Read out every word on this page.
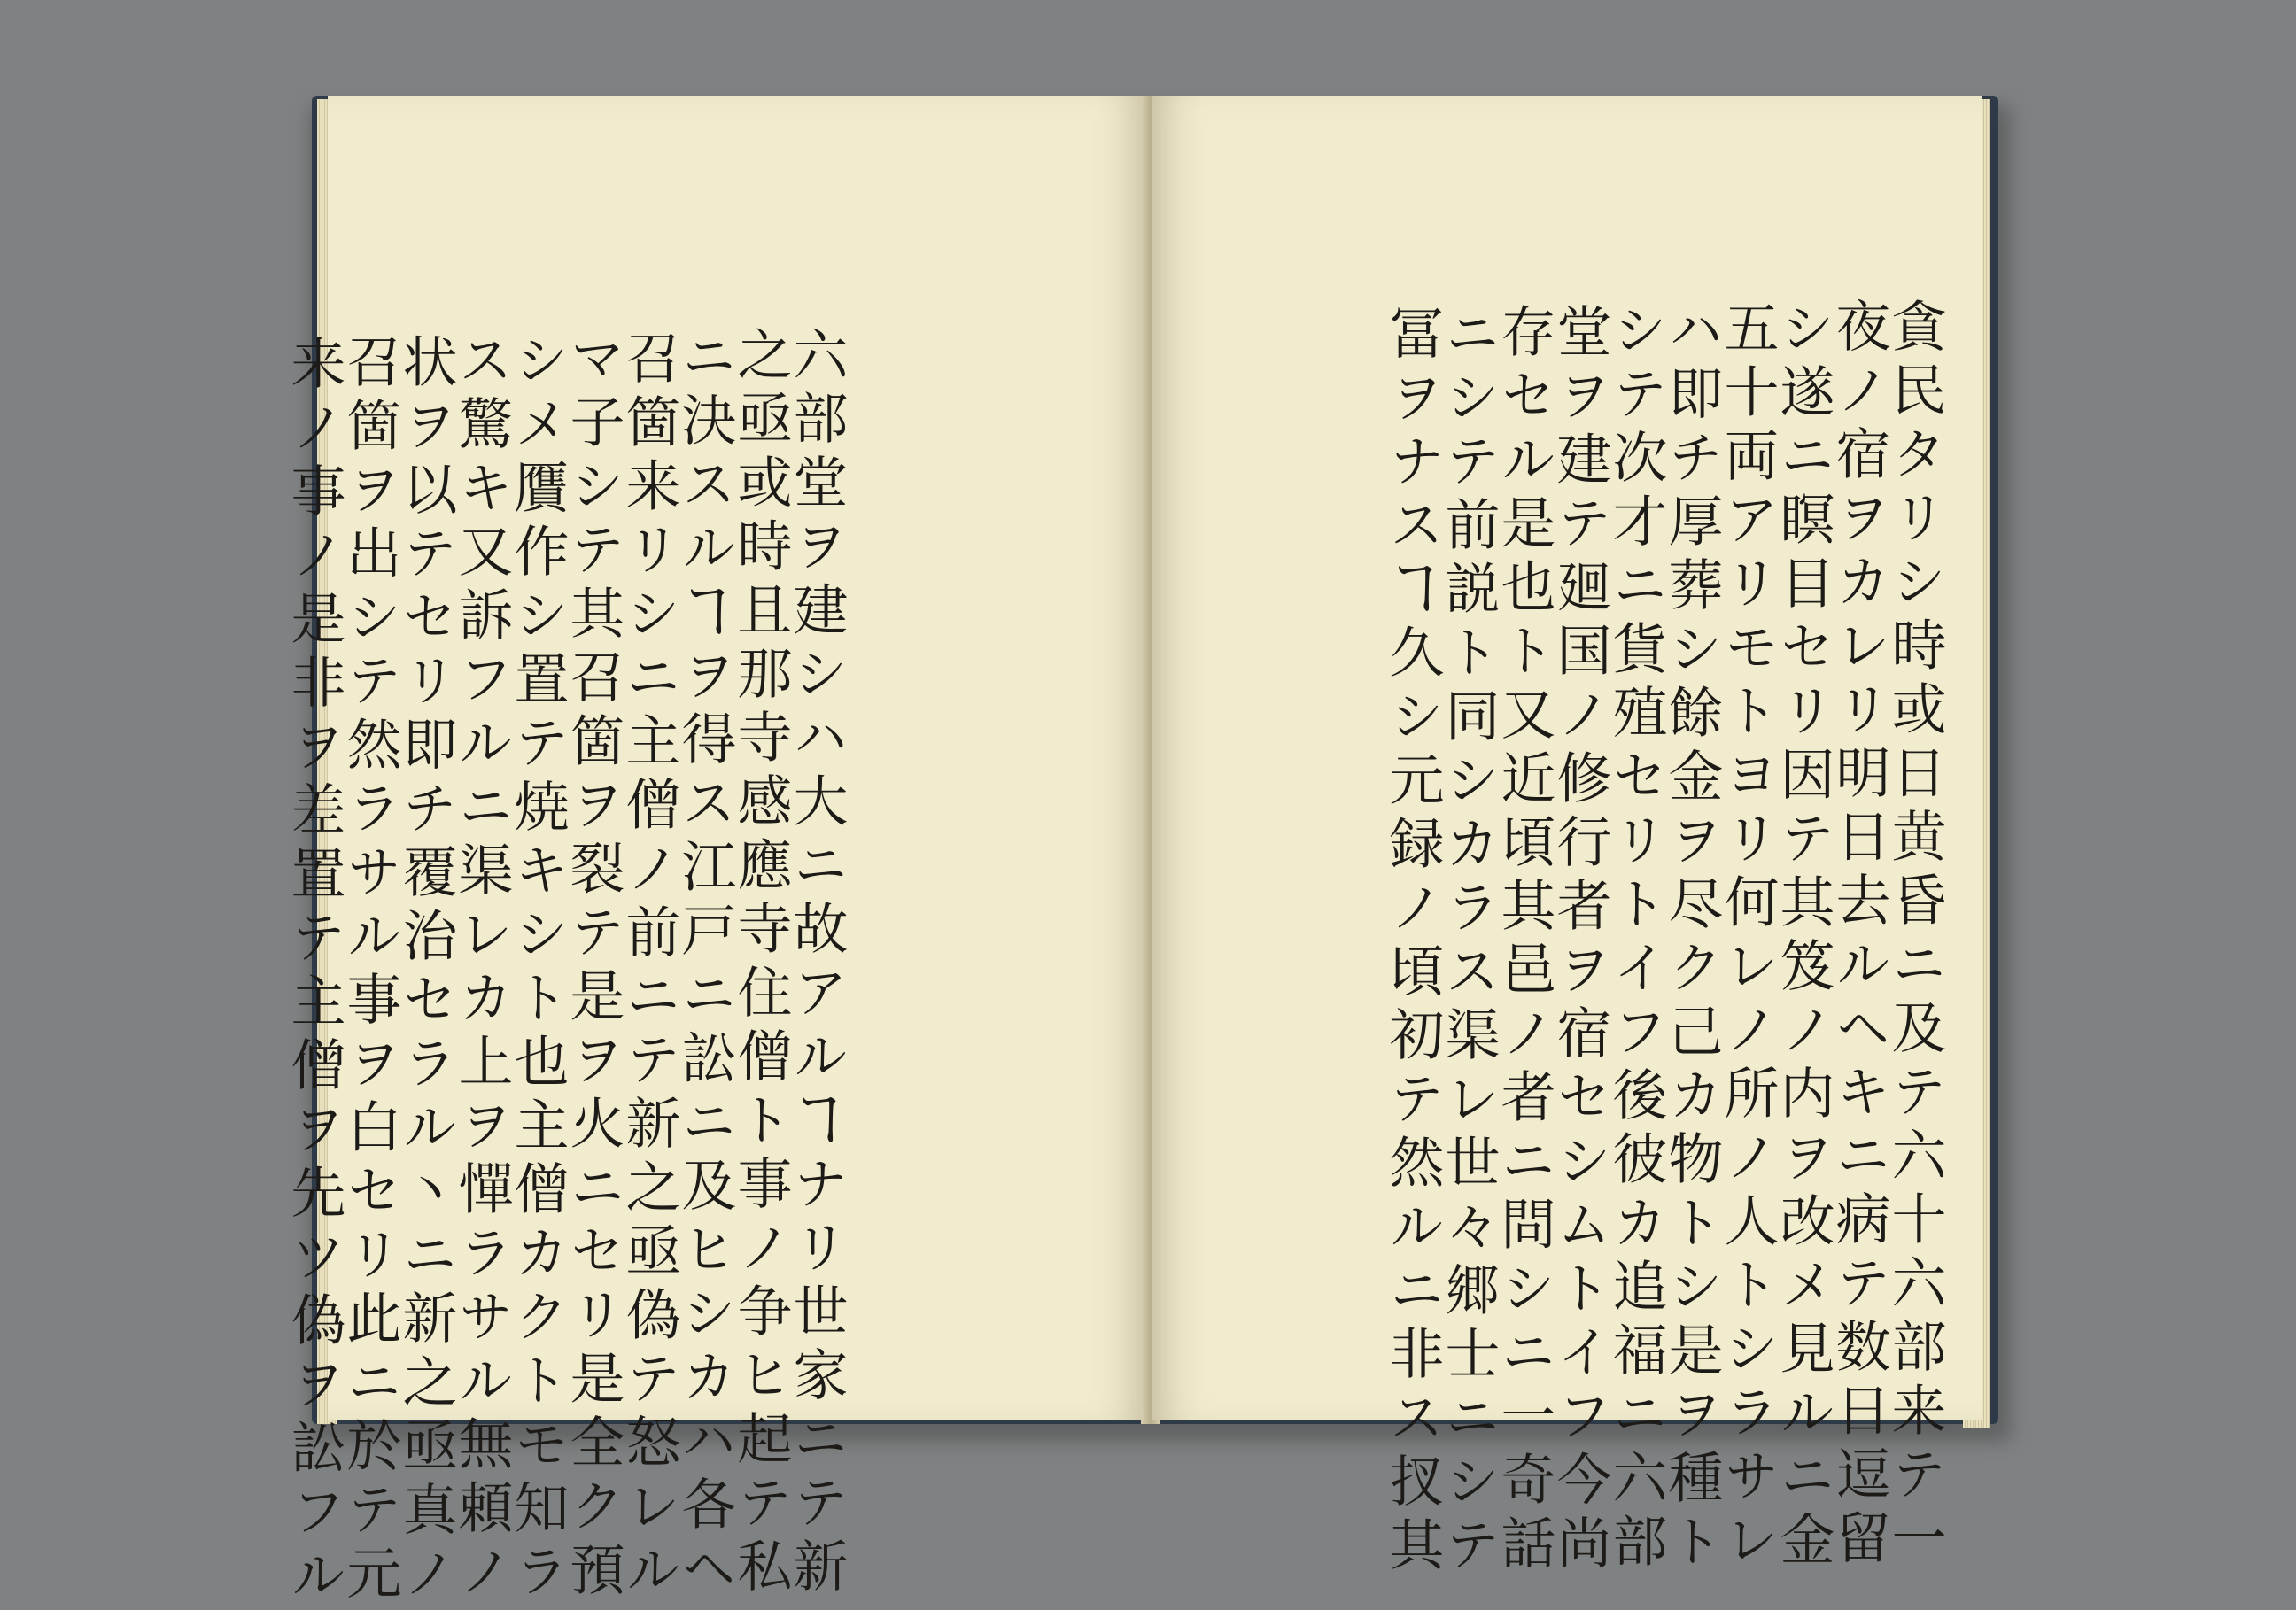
六部堂ヲ建シハ大ニ故アルヿナリ世家ニテ新
之亟或時且那寺感應寺住僧ト事ノ争ヒ起テ私
ニ決スルヿヲ得ス江戸ニ訟ニ及ヒシカハ各ヘ
召箇来リシニ主僧ノ前ニテ新之亟偽テ怒レル
マ子シテ其召箇ヲ裂テ是ヲ火ニセリ是全ク預
シメ贋作シ置テ焼キシト也主僧カクトモ知ラ
ス驚キ又訴フルニ渠レカ上ヲ憚ラサル無頼ノ
状ヲ以テセリ即チ覆治セラル丶ニ新之亟真ノ
召箇ヲ出シテ然ラサル事ヲ白セリ此ニ於テ元
来ノ事ノ是非ヲ差置テ主僧ヲ先ツ偽ヲ訟フル	貪民タリシ時或日黄昏ニ及テ六十六部来テ一
夜ノ宿ヲカレリ明日去ルヘキニ病テ数日逗留
シ遂ニ瞑目セリ因テ其笈ノ内ヲ改メ見ルニ金
五十両アリモトヨリ何レノ所ノ人トシラサレ
ハ即チ厚葬シ餘金ヲ尽ク己カ物トシ是ヲ種ト
シテ次才ニ貨殖セリトイフ後彼カ追福ニ六部
堂ヲ建テ廻国ノ修行者ヲ宿セシムトイフ今尚
存セル是也ト又近頃其邑ノ者ニ問シニ一奇話
ニシテ前説ト同シカラス渠レ世々郷士ニシテ
冨ヲナスヿ久シ元録ノ頃初テ然ルニ非ス扠其
